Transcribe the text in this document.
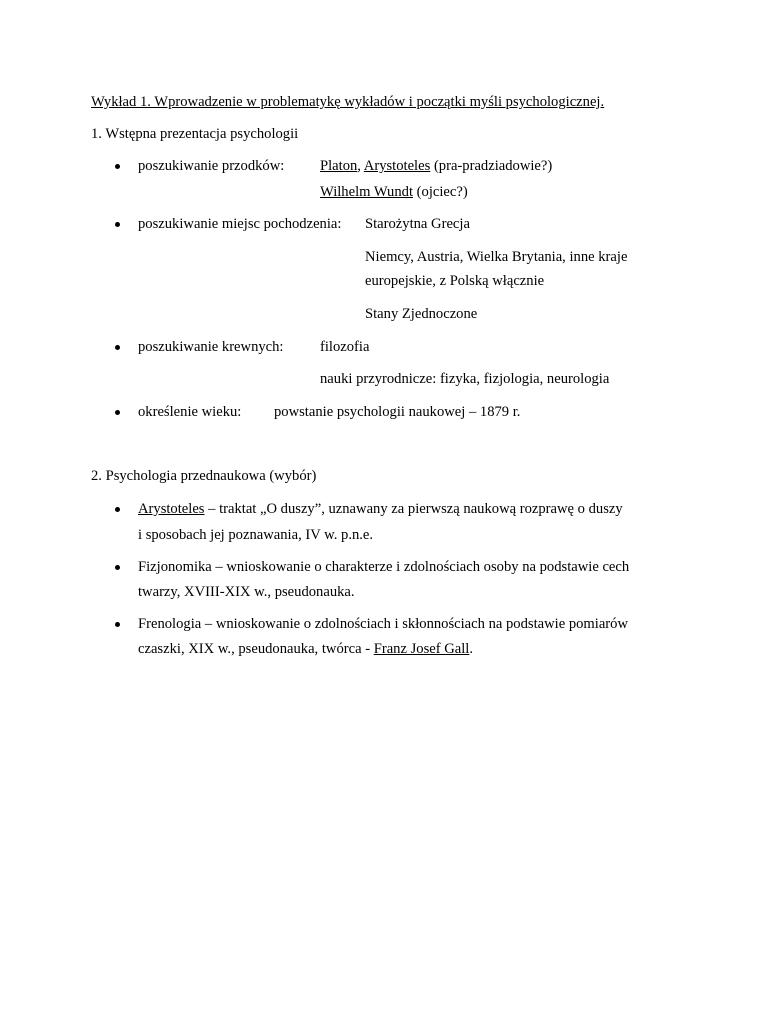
Wykład 1. Wprowadzenie w problematykę wykładów i początki myśli psychologicznej.
1. Wstępna prezentacja psychologii
poszukiwanie przodków: Platon, Arystoteles (pra-pradziadowie?)
Wilhelm Wundt (ojciec?)
poszukiwanie miejsc pochodzenia: Starożytna Grecja
Niemcy, Austria, Wielka Brytania, inne kraje
europejskie, z Polską włącznie
Stany Zjednoczone
poszukiwanie krewnych:	filozofia
nauki przyrodnicze: fizyka, fizjologia, neurologia
określenie wieku: powstanie psychologii naukowej – 1879 r.
2. Psychologia przednaukowa (wybór)
Arystoteles – traktat „O duszy”, uznawany za pierwszą naukową rozprawę o duszy
i sposobach jej poznawania, IV w. p.n.e.
Fizjonomika – wnioskowanie o charakterze i zdolnościach osoby na podstawie cech
twarzy, XVIII-XIX w., pseudonauka.
Frenologia – wnioskowanie o zdolnościach i skłonnościach na podstawie pomiarów
czaszki, XIX w., pseudonauka, twórca - Franz Josef Gall.
